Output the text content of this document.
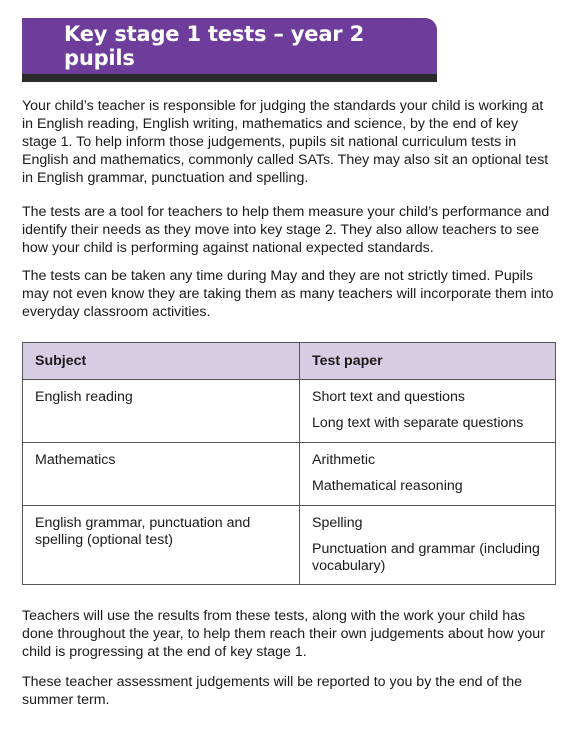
Key stage 1 tests – year 2 pupils

Your child’s teacher is responsible for judging the standards your child is working at in English reading, English writing, mathematics and science, by the end of key stage 1. To help inform those judgements, pupils sit national curriculum tests in English and mathematics, commonly called SATs. They may also sit an optional test in English grammar, punctuation and spelling.

The tests are a tool for teachers to help them measure your child’s performance and identify their needs as they move into key stage 2. They also allow teachers to see how your child is performing against national expected standards.

The tests can be taken any time during May and they are not strictly timed. Pupils may not even know they are taking them as many teachers will incorporate them into everyday classroom activities.

Subject	Test paper
English reading	Short text and questions
Long text with separate questions

Mathematics	Arithmetic
Mathematical reasoning

English grammar, punctuation and spelling (optional test)	Spelling
Punctuation and grammar (including vocabulary)

Teachers will use the results from these tests, along with the work your child has done throughout the year, to help them reach their own judgements about how your child is progressing at the end of key stage 1.

These teacher assessment judgements will be reported to you by the end of the summer term.
